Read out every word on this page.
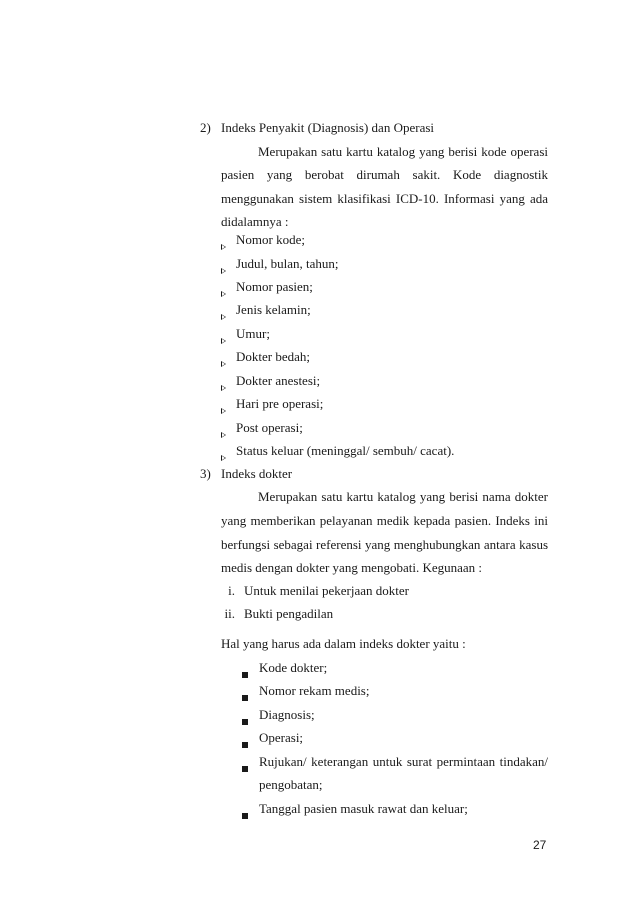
2) Indeks Penyakit (Diagnosis) dan Operasi
Merupakan satu kartu katalog yang berisi kode operasi
pasien yang berobat dirumah sakit. Kode diagnostik
menggunakan sistem klasifikasi ICD-10. Informasi yang ada
didalamnya :
Nomor kode;
Judul, bulan, tahun;
Nomor pasien;
Jenis kelamin;
Umur;
Dokter bedah;
Dokter anestesi;
Hari pre operasi;
Post operasi;
Status keluar (meninggal/ sembuh/ cacat).
3) Indeks dokter
Merupakan satu kartu katalog yang berisi nama dokter
yang memberikan pelayanan medik kepada pasien. Indeks ini
berfungsi sebagai referensi yang menghubungkan antara kasus
medis dengan dokter yang mengobati. Kegunaan :
i. Untuk menilai pekerjaan dokter
ii. Bukti pengadilan
Hal yang harus ada dalam indeks dokter yaitu :
Kode dokter;
Nomor rekam medis;
Diagnosis;
Operasi;
Rujukan/ keterangan untuk surat permintaan tindakan/
pengobatan;
Tanggal pasien masuk rawat dan keluar;
27
